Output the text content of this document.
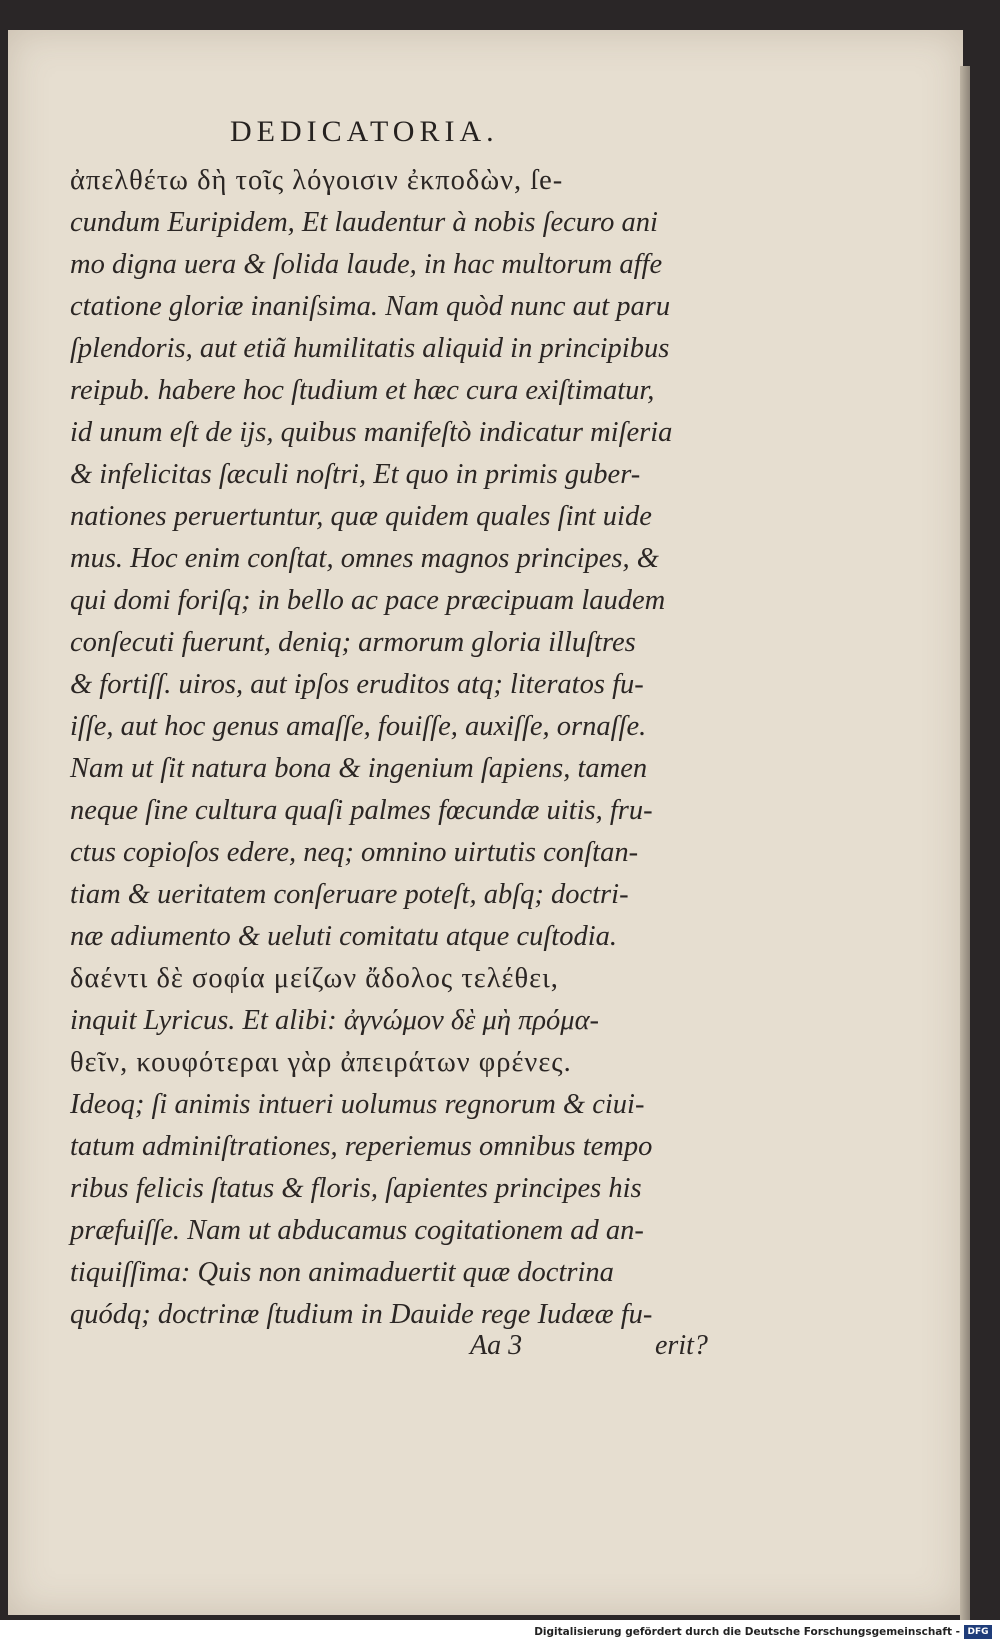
DEDICATORIA.
ἀπελθέτω δὴ τοῖς λόγοισιν ἐκποδὼν, ſe-
cundum Euripidem, Et laudentur à nobis ſecuro ani
mo digna uera & ſolida laude, in hac multorum affe
ctatione gloriæ inaniſsima. Nam quòd nunc aut paru
ſplendoris, aut etiã humilitatis aliquid in principibus
reipub. habere hoc ſtudium et hæc cura exiſtimatur,
id unum eſt de ijs, quibus manifeſtò indicatur miſeria
& infelicitas ſæculi noſtri, Et quo in primis guber-
nationes peruertuntur, quæ quidem quales ſint uide
mus. Hoc enim conſtat, omnes magnos principes, &
qui domi foriſq; in bello ac pace præcipuam laudem
conſecuti fuerunt, deniq; armorum gloria illuſtres
& fortiſſ. uiros, aut ipſos eruditos atq; literatos fu-
iſſe, aut hoc genus amaſſe, fouiſſe, auxiſſe, ornaſſe.
Nam ut ſit natura bona & ingenium ſapiens, tamen
neque ſine cultura quaſi palmes fœcundæ uitis, fru-
ctus copioſos edere, neq; omnino uirtutis conſtan-
tiam & ueritatem conſeruare poteſt, abſq; doctri-
næ adiumento & ueluti comitatu atque cuſtodia.
δαέντι δὲ σοφία μείζων ἄδολος τελέθει,
inquit Lyricus. Et alibi: ἀγνώμον δὲ μὴ πρόμα-
θεῖν, κουφότεραι γὰρ ἀπειράτων φρένες.
Ideoq; ſi animis intueri uolumus regnorum & ciui-
tatum adminiſtrationes, reperiemus omnibus tempo
ribus felicis ſtatus & floris, ſapientes principes his
præfuiſſe. Nam ut abducamus cogitationem ad an-
tiquiſſima: Quis non animaduertit quæ doctrina
quódq; doctrinæ ſtudium in Dauide rege Iudææ fu-
Aa 3	erit?
Digitalisierung gefördert durch die Deutsche Forschungsgemeinschaft - DFG
